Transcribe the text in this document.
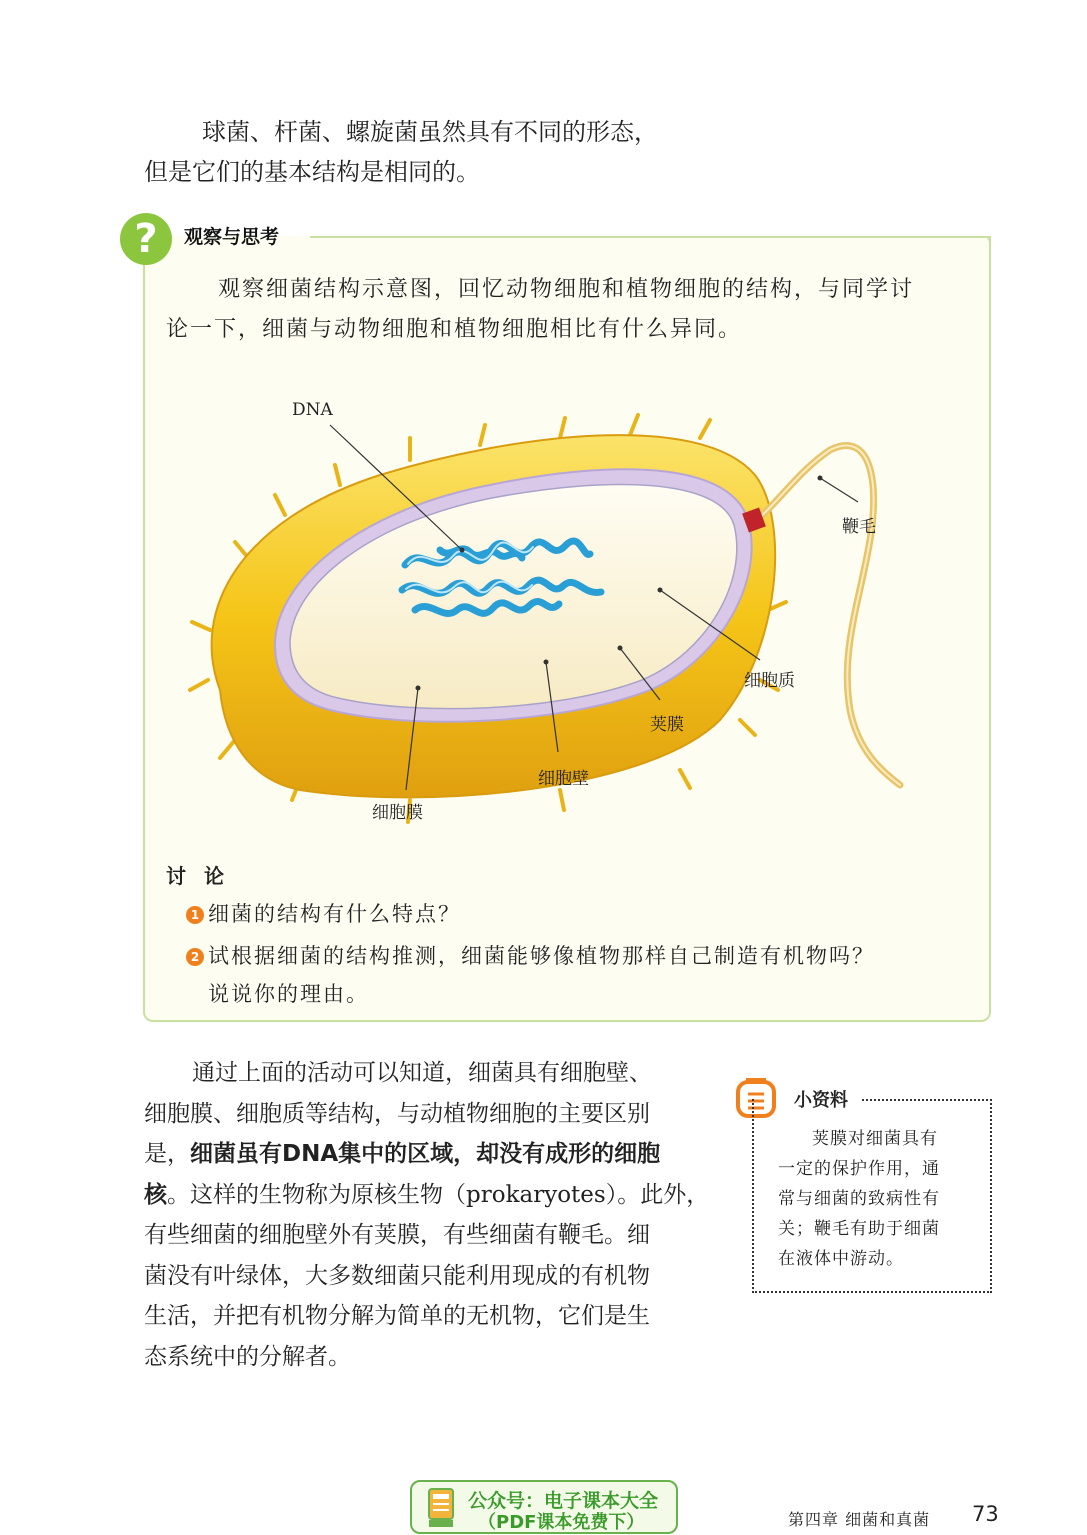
球菌、杆菌、螺旋菌虽然具有不同的形态，
但是它们的基本结构是相同的。

?	观察与思考

观察细菌结构示意图，回忆动物细胞和植物细胞的结构，与同学讨
论一下，细菌与动物细胞和植物细胞相比有什么异同。

DNA
鞭毛
细胞质
荚膜
细胞壁
细胞膜
讨论
1 细菌的结构有什么特点？
2 试根据细菌的结构推测，细菌能够像植物那样自己制造有机物吗？
说说你的理由。

通过上面的活动可以知道，细菌具有细胞壁、
细胞膜、细胞质等结构，与动植物细胞的主要区别
是，细菌虽有DNA集中的区域，却没有成形的细胞
核。这样的生物称为原核生物（prokaryotes）。此外，
有些细菌的细胞壁外有荚膜，有些细菌有鞭毛。细
菌没有叶绿体，大多数细菌只能利用现成的有机物
生活，并把有机物分解为简单的无机物，它们是生
态系统中的分解者。

小资料
荚膜对细菌具有
一定的保护作用，通
常与细菌的致病性有
关；鞭毛有助于细菌
在液体中游动。
第四章 细菌和真菌 73
公众号：电子课本大全
（PDF课本免费下）
